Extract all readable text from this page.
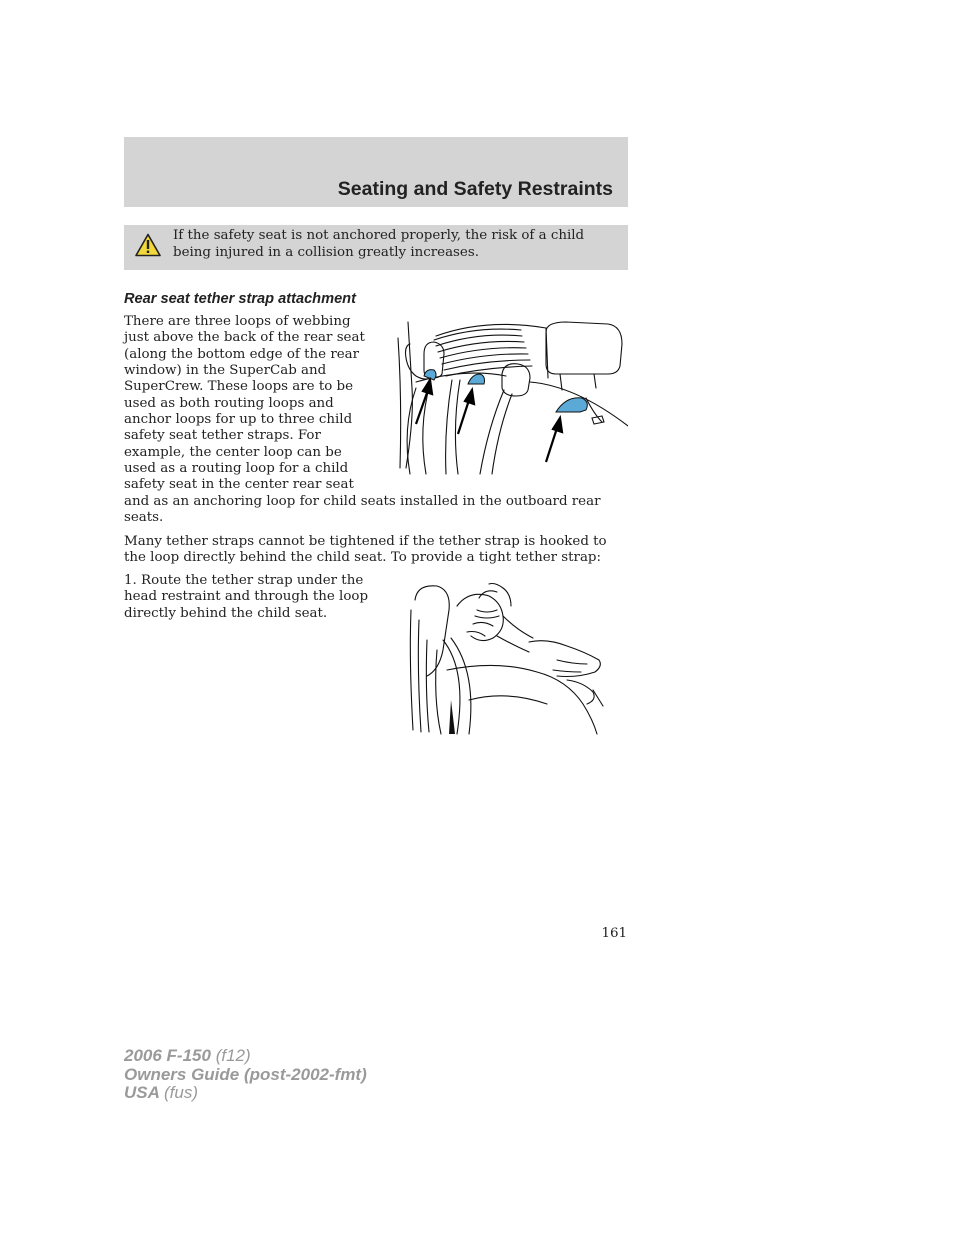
Seating and Safety Restraints

If the safety seat is not anchored properly, the risk of a child being injured in a collision greatly increases.

Rear seat tether strap attachment
There are three loops of webbing
just above the back of the rear seat
(along the bottom edge of the rear
window) in the SuperCab and
SuperCrew. These loops are to be
used as both routing loops and
anchor loops for up to three child
safety seat tether straps. For
example, the center loop can be
used as a routing loop for a child
safety seat in the center rear seat
and as an anchoring loop for child seats installed in the outboard rear
seats.
Many tether straps cannot be tightened if the tether strap is hooked to
the loop directly behind the child seat. To provide a tight tether strap:
1. Route the tether strap under the
head restraint and through the loop
directly behind the child seat.
161
2006 F-150 (f12)
Owners Guide (post-2002-fmt)
USA (fus)
